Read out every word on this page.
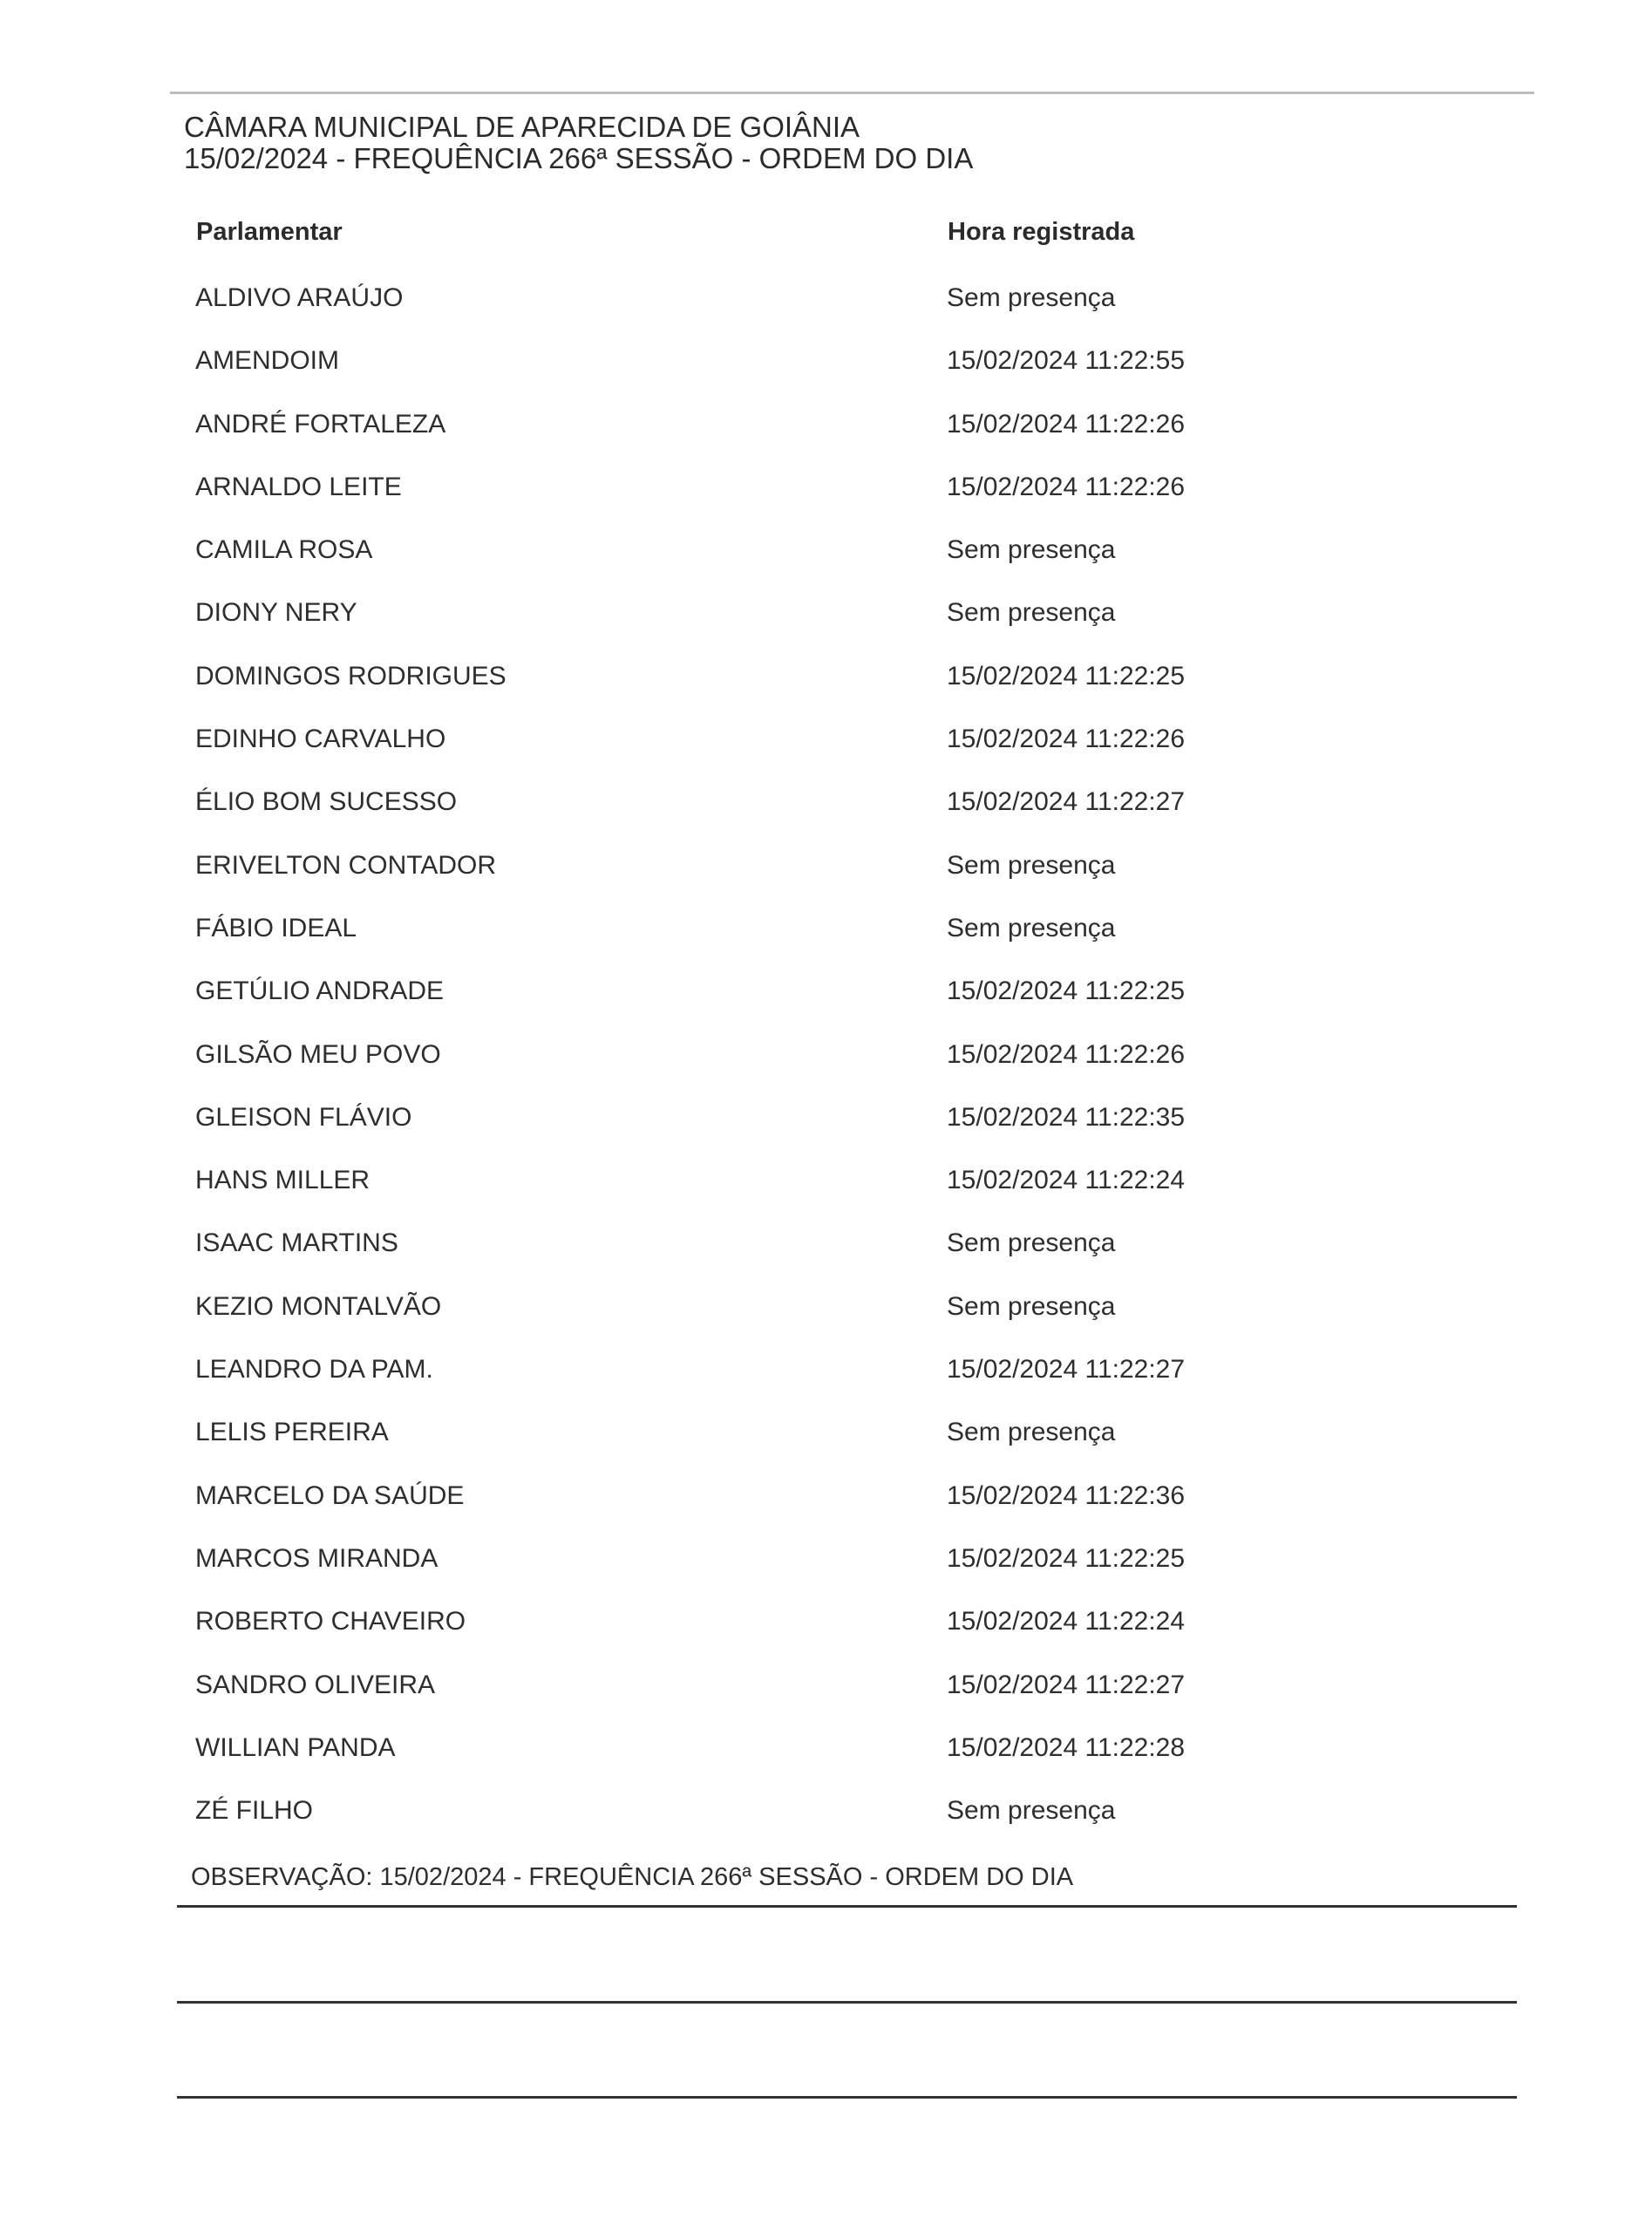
CÂMARA MUNICIPAL DE APARECIDA DE GOIÂNIA
15/02/2024 - FREQUÊNCIA 266ª SESSÃO - ORDEM DO DIA
Parlamentar	Hora registrada
ALDIVO ARAÚJO	Sem presença
AMENDOIM	15/02/2024 11:22:55
ANDRÉ FORTALEZA	15/02/2024 11:22:26
ARNALDO LEITE	15/02/2024 11:22:26
CAMILA ROSA	Sem presença
DIONY NERY	Sem presença
DOMINGOS RODRIGUES	15/02/2024 11:22:25
EDINHO CARVALHO	15/02/2024 11:22:26
ÉLIO BOM SUCESSO	15/02/2024 11:22:27
ERIVELTON CONTADOR	Sem presença
FÁBIO IDEAL	Sem presença
GETÚLIO ANDRADE	15/02/2024 11:22:25
GILSÃO MEU POVO	15/02/2024 11:22:26
GLEISON FLÁVIO	15/02/2024 11:22:35
HANS MILLER	15/02/2024 11:22:24
ISAAC MARTINS	Sem presença
KEZIO MONTALVÃO	Sem presença
LEANDRO DA PAM.	15/02/2024 11:22:27
LELIS PEREIRA	Sem presença
MARCELO DA SAÚDE	15/02/2024 11:22:36
MARCOS MIRANDA	15/02/2024 11:22:25
ROBERTO CHAVEIRO	15/02/2024 11:22:24
SANDRO OLIVEIRA	15/02/2024 11:22:27
WILLIAN PANDA	15/02/2024 11:22:28
ZÉ FILHO	Sem presença
OBSERVAÇÃO: 15/02/2024 - FREQUÊNCIA 266ª SESSÃO - ORDEM DO DIA
